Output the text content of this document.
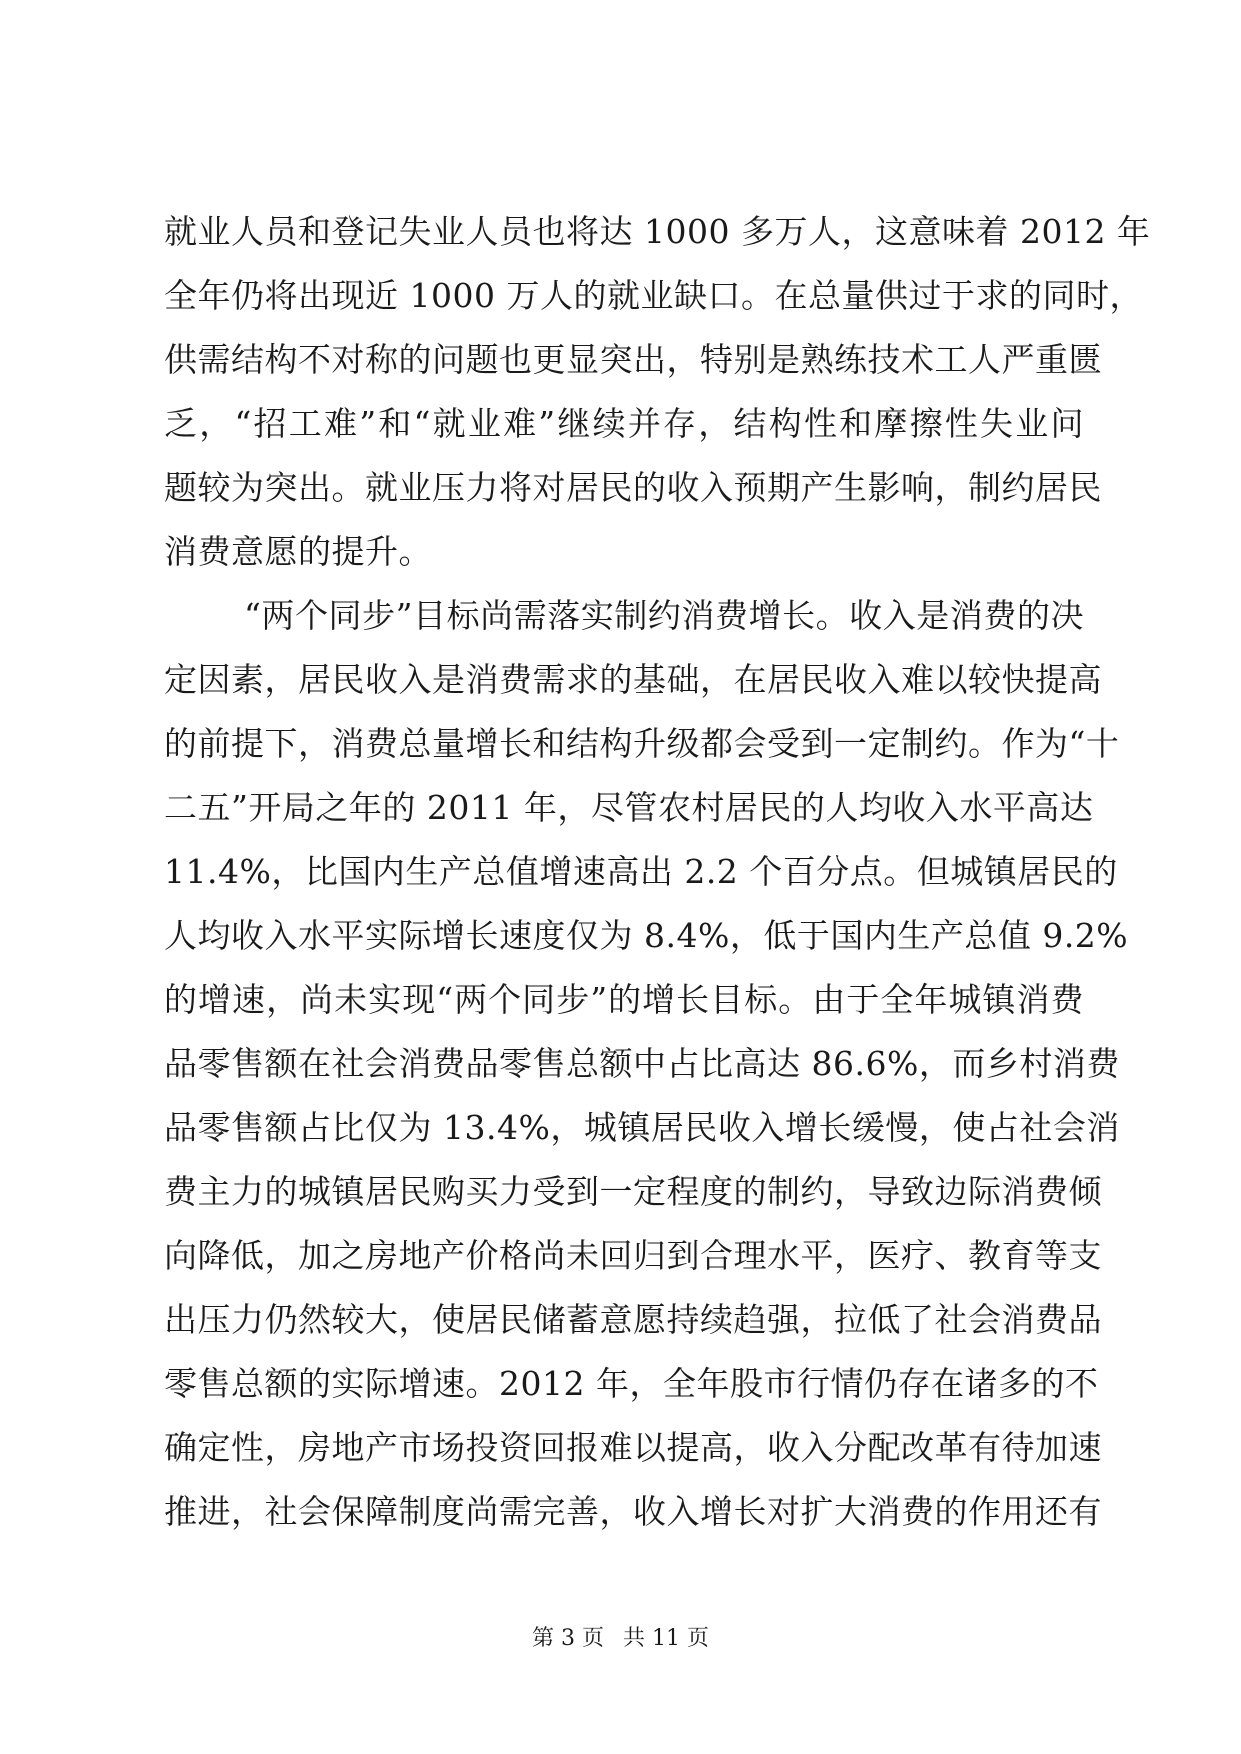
就业人员和登记失业人员也将达 1000 多万人，这意味着 2012 年
全年仍将出现近 1000 万人的就业缺口。在总量供过于求的同时，
供需结构不对称的问题也更显突出，特别是熟练技术工人严重匮
乏，“招工难”和“就业难”继续并存，结构性和摩擦性失业问
题较为突出。就业压力将对居民的收入预期产生影响，制约居民
消费意愿的提升。
“两个同步”目标尚需落实制约消费增长。收入是消费的决
定因素，居民收入是消费需求的基础，在居民收入难以较快提高
的前提下，消费总量增长和结构升级都会受到一定制约。作为“十
二五”开局之年的 2011 年，尽管农村居民的人均收入水平高达
11.4%，比国内生产总值增速高出 2.2 个百分点。但城镇居民的
人均收入水平实际增长速度仅为 8.4%，低于国内生产总值 9.2%
的增速，尚未实现“两个同步”的增长目标。由于全年城镇消费
品零售额在社会消费品零售总额中占比高达 86.6%，而乡村消费
品零售额占比仅为 13.4%，城镇居民收入增长缓慢，使占社会消
费主力的城镇居民购买力受到一定程度的制约，导致边际消费倾
向降低，加之房地产价格尚未回归到合理水平，医疗、教育等支
出压力仍然较大，使居民储蓄意愿持续趋强，拉低了社会消费品
零售总额的实际增速。2012 年，全年股市行情仍存在诸多的不
确定性，房地产市场投资回报难以提高，收入分配改革有待加速
推进，社会保障制度尚需完善，收入增长对扩大消费的作用还有
第 3 页 共 11 页
